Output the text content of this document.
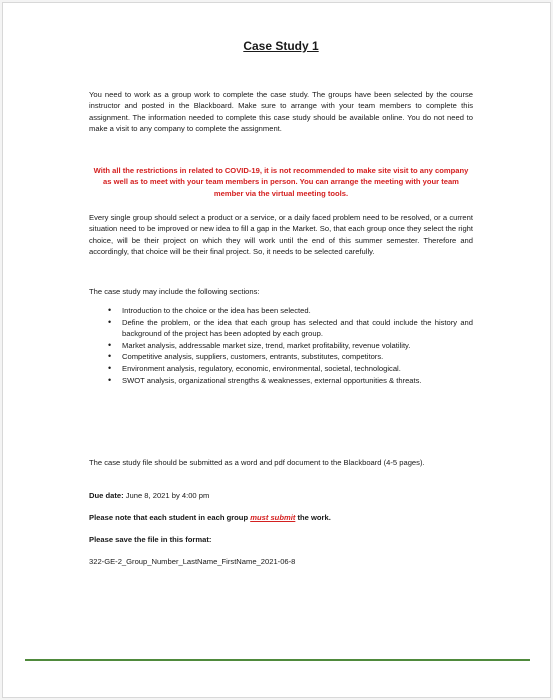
Case Study 1

You need to work as a group work to complete the case study. The groups have been selected by the course instructor and posted in the Blackboard. Make sure to arrange with your team members to complete this assignment. The information needed to complete this case study should be available online. You do not need to make a visit to any company to complete the assignment.

With all the restrictions in related to COVID-19, it is not recommended to make site visit to any company as well as to meet with your team members in person. You can arrange the meeting with your team member via the virtual meeting tools.

Every single group should select a product or a service, or a daily faced problem need to be resolved, or a current situation need to be improved or new idea to fill a gap in the Market. So, that each group once they select the right choice, will be their project on which they will work until the end of this summer semester. Therefore and accordingly, that choice will be their final project. So, it needs to be selected carefully.

The case study may include the following sections:

• Introduction to the choice or the idea has been selected.
• Define the problem, or the idea that each group has selected and that could include the history and background of the project has been adopted by each group.
• Market analysis, addressable market size, trend, market profitability, revenue volatility.
• Competitive analysis, suppliers, customers, entrants, substitutes, competitors.
• Environment analysis, regulatory, economic, environmental, societal, technological.
• SWOT analysis, organizational strengths & weaknesses, external opportunities & threats.

The case study file should be submitted as a word and pdf document to the Blackboard (4-5 pages).

Due date: June 8, 2021 by 4:00 pm

Please note that each student in each group must submit the work.

Please save the file in this format:

322-GE-2_Group_Number_LastName_FirstName_2021-06-8
